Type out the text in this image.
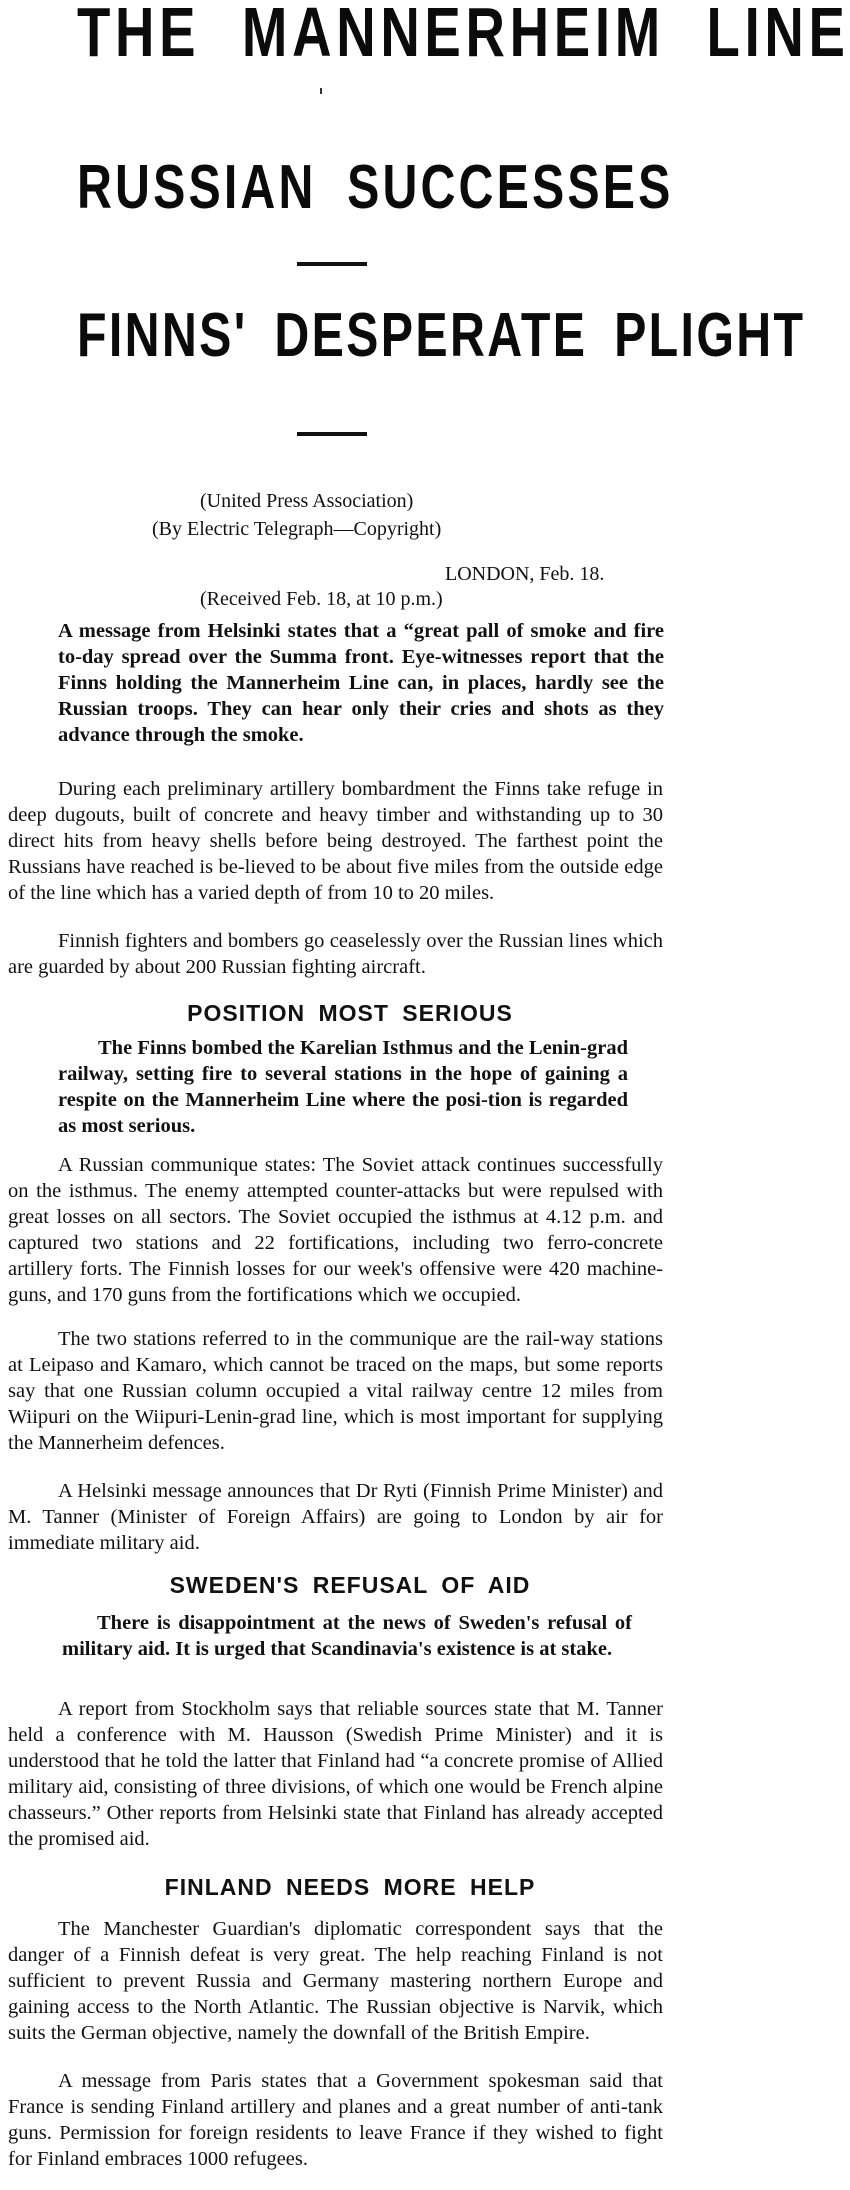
THE MANNERHEIM LINE
RUSSIAN SUCCESSES
FINNS' DESPERATE PLIGHT
(United Press Association)
(By Electric Telegraph—Copyright)
LONDON, Feb. 18.
(Received Feb. 18, at 10 p.m.)

A message from Helsinki states that a “great pall of smoke and fire to-day spread over the Summa front. Eye-witnesses report that the Finns holding the Mannerheim Line can, in places, hardly see the Russian troops. They can hear only their cries and shots as they advance through the smoke.

During each preliminary artillery bombardment the Finns take refuge in deep dugouts, built of concrete and heavy timber and withstanding up to 30 direct hits from heavy shells before being destroyed. The farthest point the Russians have reached is be-lieved to be about five miles from the outside edge of the line which has a varied depth of from 10 to 20 miles.

Finnish fighters and bombers go ceaselessly over the Russian lines which are guarded by about 200 Russian fighting aircraft.

POSITION MOST SERIOUS

The Finns bombed the Karelian Isthmus and the Lenin-grad railway, setting fire to several stations in the hope of gaining a respite on the Mannerheim Line where the posi-tion is regarded as most serious.

A Russian communique states: The Soviet attack continues successfully on the isthmus. The enemy attempted counter-attacks but were repulsed with great losses on all sectors. The Soviet occupied the isthmus at 4.12 p.m. and captured two stations and 22 fortifications, including two ferro-concrete artillery forts. The Finnish losses for our week's offensive were 420 machine-guns, and 170 guns from the fortifications which we occupied.

The two stations referred to in the communique are the rail-way stations at Leipaso and Kamaro, which cannot be traced on the maps, but some reports say that one Russian column occupied a vital railway centre 12 miles from Wiipuri on the Wiipuri-Lenin-grad line, which is most important for supplying the Mannerheim defences.

A Helsinki message announces that Dr Ryti (Finnish Prime Minister) and M. Tanner (Minister of Foreign Affairs) are going to London by air for immediate military aid.

SWEDEN'S REFUSAL OF AID

There is disappointment at the news of Sweden's refusal of military aid. It is urged that Scandinavia's existence is at stake.

A report from Stockholm says that reliable sources state that M. Tanner held a conference with M. Hausson (Swedish Prime Minister) and it is understood that he told the latter that Finland had “a concrete promise of Allied military aid, consisting of three divisions, of which one would be French alpine chasseurs.” Other reports from Helsinki state that Finland has already accepted the promised aid.

FINLAND NEEDS MORE HELP

The Manchester Guardian's diplomatic correspondent says that the danger of a Finnish defeat is very great. The help reaching Finland is not sufficient to prevent Russia and Germany mastering northern Europe and gaining access to the North Atlantic. The Russian objective is Narvik, which suits the German objective, namely the downfall of the British Empire.

A message from Paris states that a Government spokesman said that France is sending Finland artillery and planes and a great number of anti-tank guns. Permission for foreign residents to leave France if they wished to fight for Finland embraces 1000 refugees.
